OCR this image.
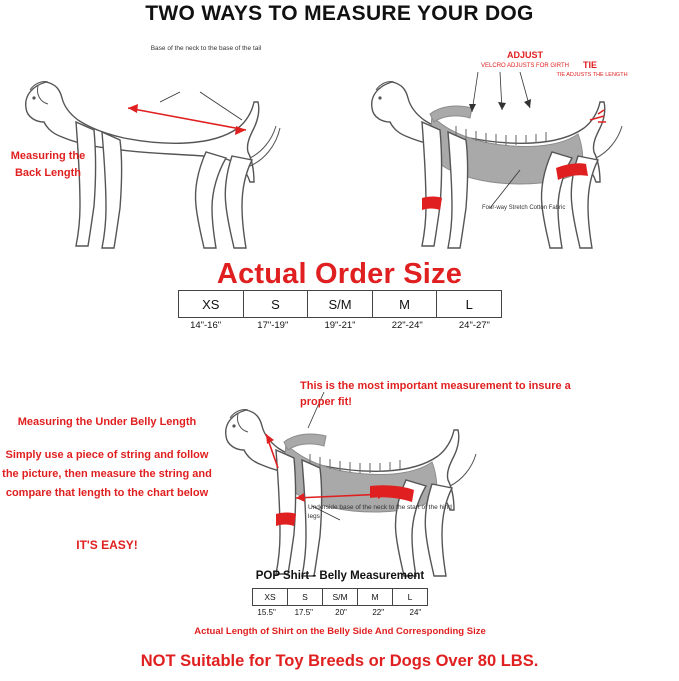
TWO WAYS TO MEASURE YOUR DOG
Measuring the Back Length
Base of the neck to the base of the tail
ADJUST
VELCRO ADJUSTS FOR GIRTH	TIE
TIE ADJUSTS THE LENGTH
Four-way Stretch Cotton Fabric
Actual Order Size
XS	S	S/M	M	L
14"-16"	17"-19"	19"-21"	22"-24"	24"-27"
This is the most important measurement to insure a proper fit!
Measuring the Under Belly Length
Simply use a piece of string and follow the picture, then measure the string and compare that length to the chart below
IT'S EASY!
Underside base of the neck to the start of the hind legs
POP Shirt - Belly Measurement
XS	S	S/M	M	L
15.5"	17.5"	20"	22"	24"
Actual Length of Shirt on the Belly Side And Corresponding Size
NOT Suitable for Toy Breeds or Dogs Over 80 LBS.
